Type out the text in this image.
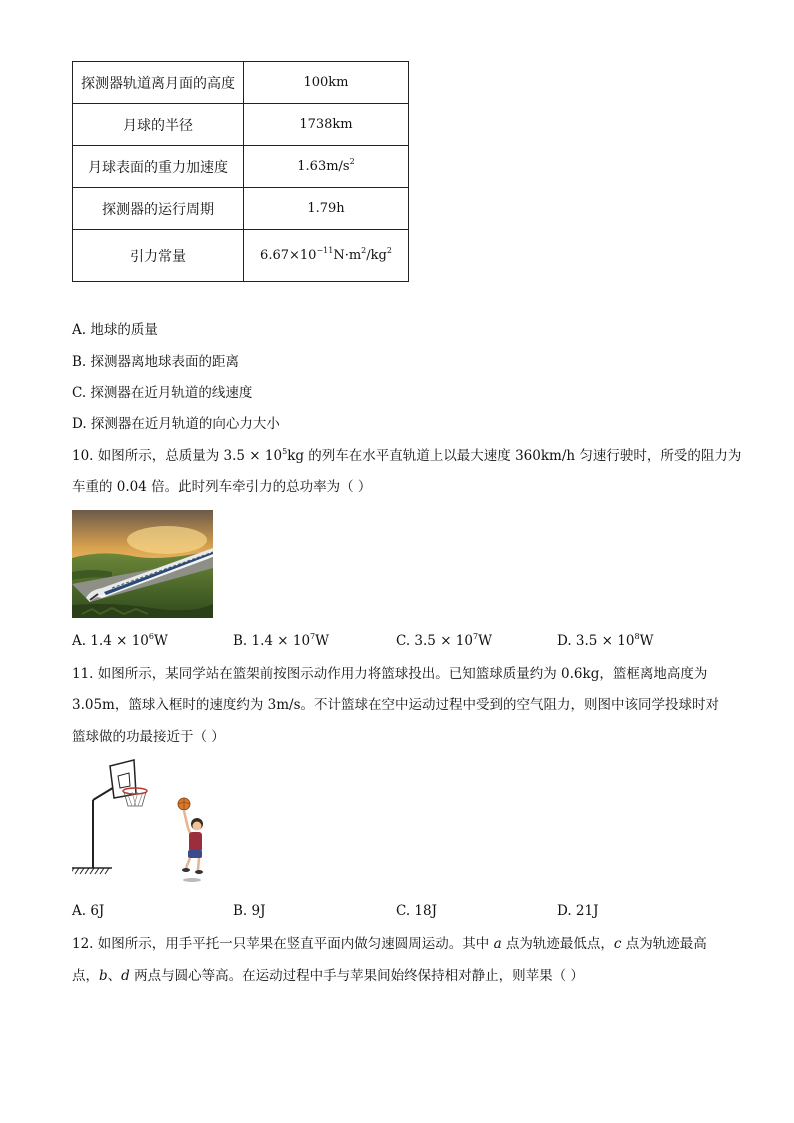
探测器轨道离月面的高度	100km
月球的半径	1738km
月球表面的重力加速度	$1.63m/s^2$
探测器的运行周期	1.79h
引力常量	$6.67\times 10^{-11}N\cdot m^2/kg^2$
A. 地球的质量
B. 探测器离地球表面的距离
C. 探测器在近月轨道的线速度
D. 探测器在近月轨道的向心力大小
10. 如图所示，总质量为 $3.5 \times 10^5kg$ 的列车在水平直轨道上以最大速度 360km/h 匀速行驶时，所受的阻力为
车重的 0.04 倍。此时列车牵引力的总功率为（ ）
A. $1.4 \times 10^6W$	B. $1.4 \times 10^7W$	C. $3.5 \times 10^7W$	D. $3.5 \times 10^8W$
11. 如图所示，某同学站在篮架前按图示动作用力将篮球投出。已知篮球质量约为 0.6kg，篮框离地高度为
3.05m，篮球入框时的速度约为 3m/s。不计篮球在空中运动过程中受到的空气阻力，则图中该同学投球时对
篮球做的功最接近于（ ）
A. 6J	B. 9J	C. 18J	D. 21J
12. 如图所示，用手平托一只苹果在竖直平面内做匀速圆周运动。其中 a 点为轨迹最低点，c 点为轨迹最高
点，b、d 两点与圆心等高。在运动过程中手与苹果间始终保持相对静止，则苹果（ ）
